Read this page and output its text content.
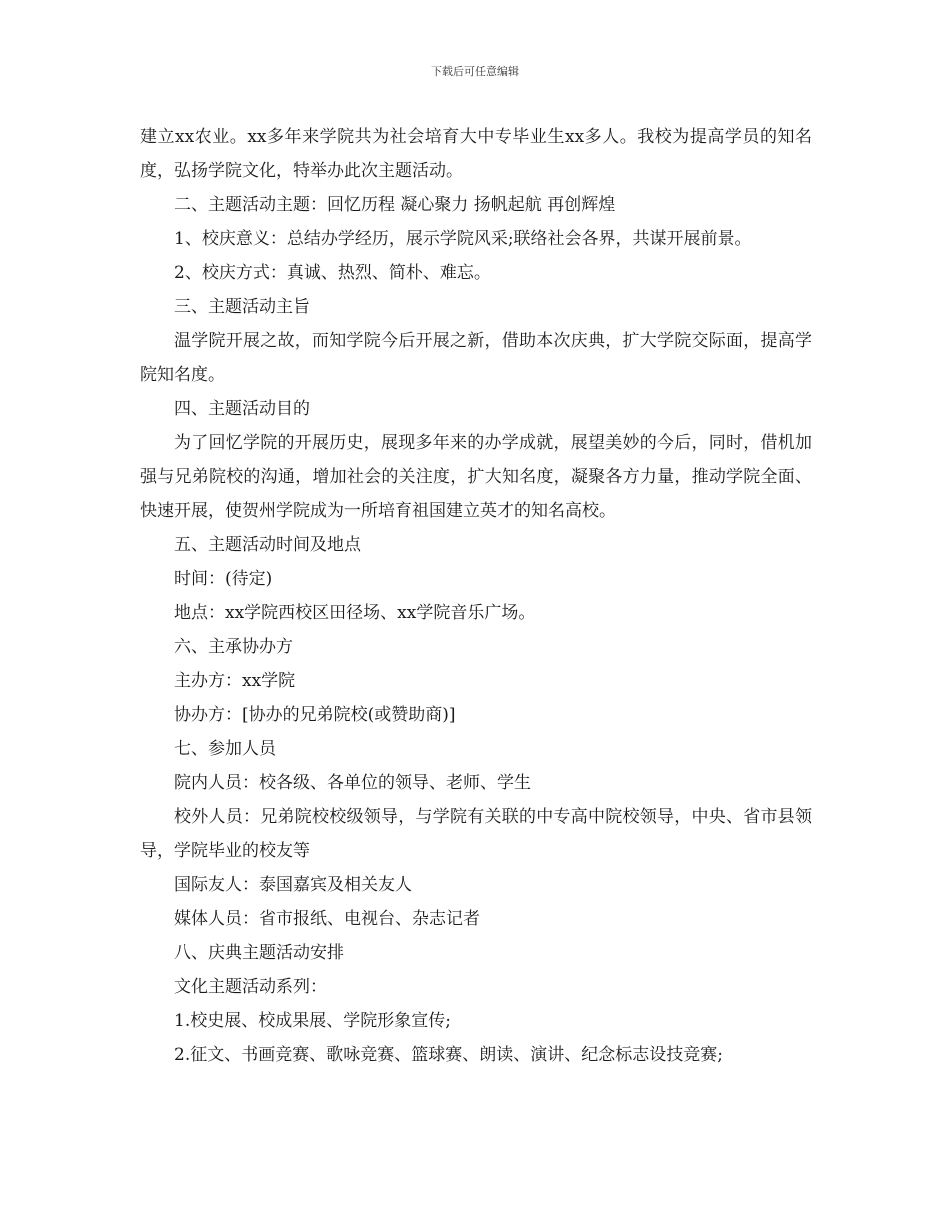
下载后可任意编辑

建立xx农业。xx多年来学院共为社会培育大中专毕业生xx多人。我校为提高学员的知名度，弘扬学院文化，特举办此次主题活动。

二、主题活动主题：回忆历程 凝心聚力 扬帆起航 再创辉煌

1、校庆意义：总结办学经历，展示学院风采;联络社会各界，共谋开展前景。

2、校庆方式：真诚、热烈、简朴、难忘。

三、主题活动主旨

温学院开展之故，而知学院今后开展之新，借助本次庆典，扩大学院交际面，提高学院知名度。

四、主题活动目的

为了回忆学院的开展历史，展现多年来的办学成就，展望美妙的今后，同时，借机加强与兄弟院校的沟通，增加社会的关注度，扩大知名度，凝聚各方力量，推动学院全面、快速开展，使贺州学院成为一所培育祖国建立英才的知名高校。

五、主题活动时间及地点

时间：(待定)

地点：xx学院西校区田径场、xx学院音乐广场。

六、主承协办方

主办方：xx学院

协办方：[协办的兄弟院校(或赞助商)]

七、参加人员

院内人员：校各级、各单位的领导、老师、学生

校外人员：兄弟院校校级领导，与学院有关联的中专高中院校领导，中央、省市县领导，学院毕业的校友等

国际友人：泰国嘉宾及相关友人

媒体人员：省市报纸、电视台、杂志记者

八、庆典主题活动安排

文化主题活动系列：

1.校史展、校成果展、学院形象宣传;

2.征文、书画竞赛、歌咏竞赛、篮球赛、朗读、演讲、纪念标志设技竞赛;
